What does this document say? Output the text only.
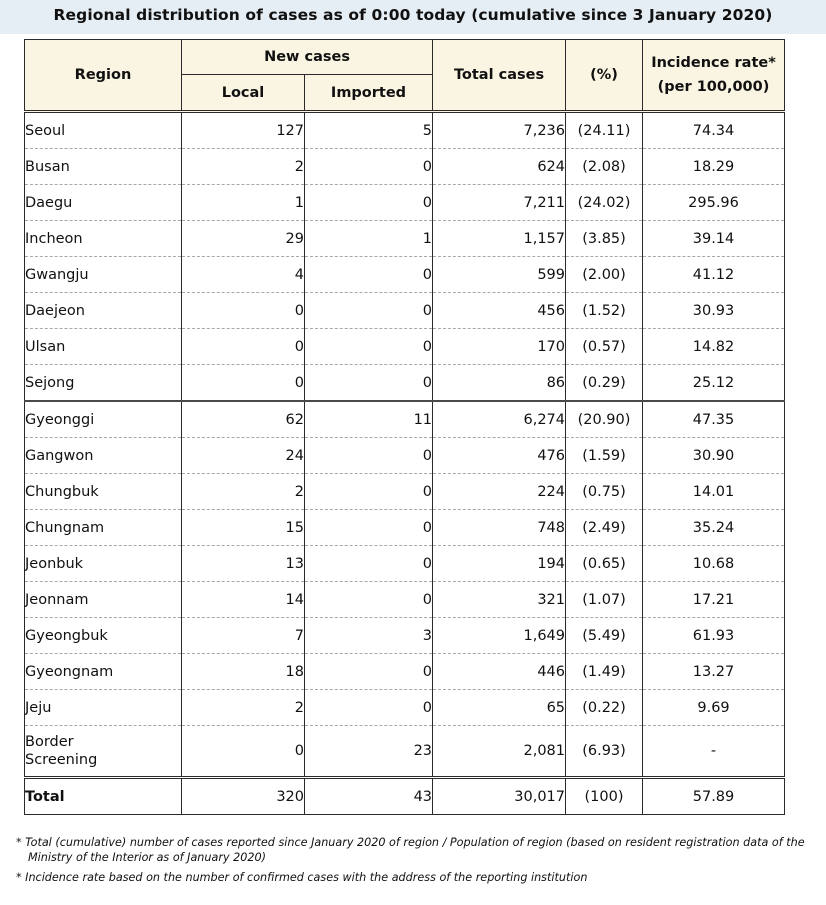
Regional distribution of cases as of 0:00 today (cumulative since 3 January 2020)
Region	New cases		Total cases	(%)	Incidence rate*
(per 100,000)

	Local	Imported			
Seoul	127	5	7,236	(24.11)	74.34
Busan	2	0	624	(2.08)	18.29
Daegu	1	0	7,211	(24.02)	295.96
Incheon	29	1	1,157	(3.85)	39.14
Gwangju	4	0	599	(2.00)	41.12
Daejeon	0	0	456	(1.52)	30.93
Ulsan	0	0	170	(0.57)	14.82
Sejong	0	0	86	(0.29)	25.12
Gyeonggi	62	11	6,274	(20.90)	47.35
Gangwon	24	0	476	(1.59)	30.90
Chungbuk	2	0	224	(0.75)	14.01
Chungnam	15	0	748	(2.49)	35.24
Jeonbuk	13	0	194	(0.65)	10.68
Jeonnam	14	0	321	(1.07)	17.21
Gyeongbuk	7	3	1,649	(5.49)	61.93
Gyeongnam	18	0	446	(1.49)	13.27
Jeju	2	0	65	(0.22)	9.69

Border
Screening	0	23	2,081	(6.93)	-
Total	320	43	30,017	(100)	57.89

* Total (cumulative) number of cases reported since January 2020 of region / Population of region (based on resident registration data of the Ministry of the Interior as of January 2020)

* Incidence rate based on the number of confirmed cases with the address of the reporting institution
